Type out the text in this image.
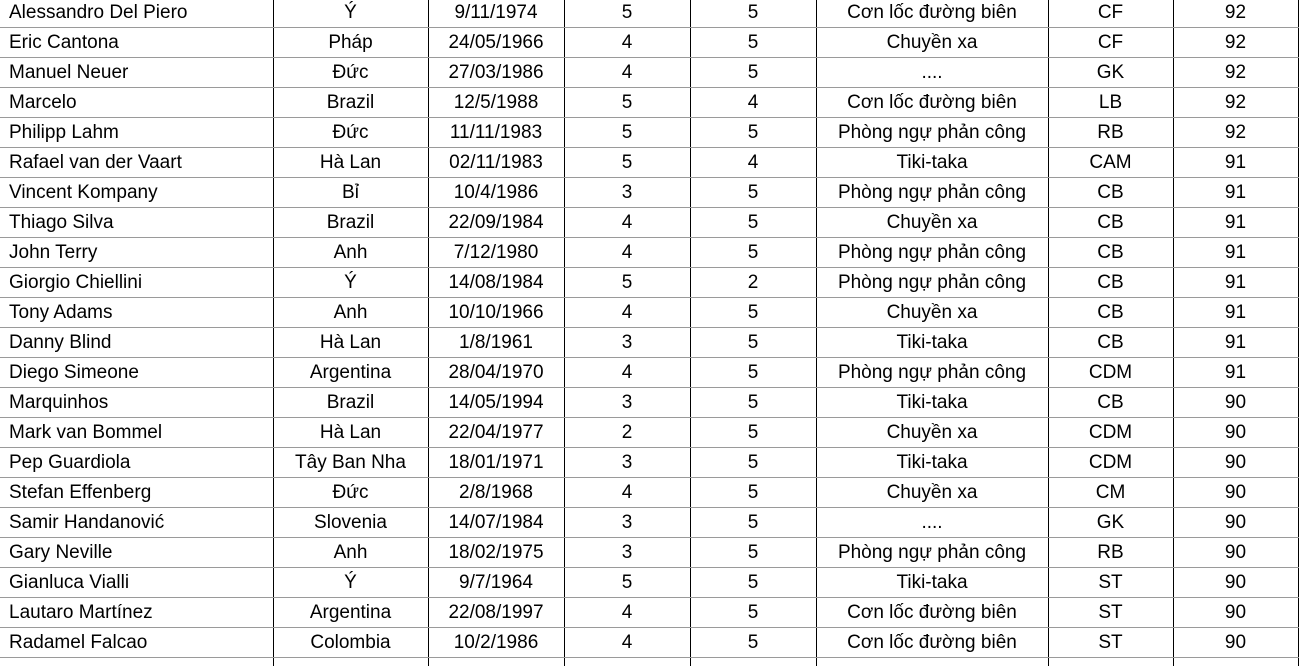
Alessandro Del Piero	Ý	9/11/1974	5	5	Cơn lốc đường biên	CF	92
Eric Cantona	Pháp	24/05/1966	4	5	Chuyền xa	CF	92
Manuel Neuer	Đức	27/03/1986	4	5	....	GK	92
Marcelo	Brazil	12/5/1988	5	4	Cơn lốc đường biên	LB	92
Philipp Lahm	Đức	11/11/1983	5	5	Phòng ngự phản công	RB	92
Rafael van der Vaart	Hà Lan	02/11/1983	5	4	Tiki-taka	CAM	91
Vincent Kompany	Bỉ	10/4/1986	3	5	Phòng ngự phản công	CB	91
Thiago Silva	Brazil	22/09/1984	4	5	Chuyền xa	CB	91
John Terry	Anh	7/12/1980	4	5	Phòng ngự phản công	CB	91
Giorgio Chiellini	Ý	14/08/1984	5	2	Phòng ngự phản công	CB	91
Tony Adams	Anh	10/10/1966	4	5	Chuyền xa	CB	91
Danny Blind	Hà Lan	1/8/1961	3	5	Tiki-taka	CB	91
Diego Simeone	Argentina	28/04/1970	4	5	Phòng ngự phản công	CDM	91
Marquinhos	Brazil	14/05/1994	3	5	Tiki-taka	CB	90
Mark van Bommel	Hà Lan	22/04/1977	2	5	Chuyền xa	CDM	90
Pep Guardiola	Tây Ban Nha	18/01/1971	3	5	Tiki-taka	CDM	90
Stefan Effenberg	Đức	2/8/1968	4	5	Chuyền xa	CM	90
Samir Handanović	Slovenia	14/07/1984	3	5	....	GK	90
Gary Neville	Anh	18/02/1975	3	5	Phòng ngự phản công	RB	90
Gianluca Vialli	Ý	9/7/1964	5	5	Tiki-taka	ST	90
Lautaro Martínez	Argentina	22/08/1997	4	5	Cơn lốc đường biên	ST	90
Radamel Falcao	Colombia	10/2/1986	4	5	Cơn lốc đường biên	ST	90
